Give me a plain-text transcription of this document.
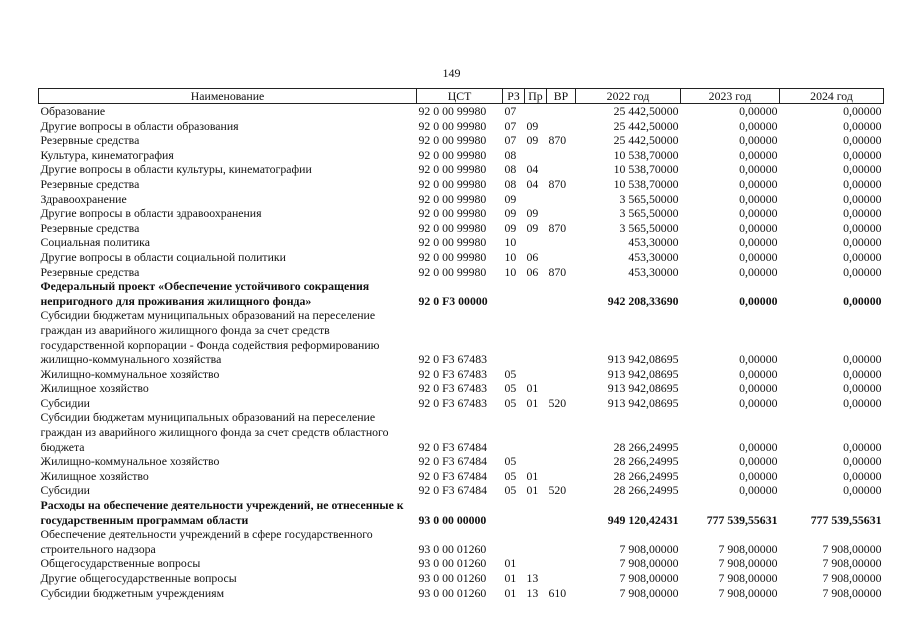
149
Наименование	ЦСТ	РЗ	Пр	ВР	2022 год	2023 год	2024 год
Образование	92 0 00 99980	07			25 442,50000	0,00000	0,00000
Другие вопросы в области образования	92 0 00 99980	07	09		25 442,50000	0,00000	0,00000
Резервные средства	92 0 00 99980	07	09	870	25 442,50000	0,00000	0,00000
Культура, кинематография	92 0 00 99980	08			10 538,70000	0,00000	0,00000
Другие вопросы в области культуры, кинематографии	92 0 00 99980	08	04		10 538,70000	0,00000	0,00000
Резервные средства	92 0 00 99980	08	04	870	10 538,70000	0,00000	0,00000
Здравоохранение	92 0 00 99980	09			3 565,50000	0,00000	0,00000
Другие вопросы в области здравоохранения	92 0 00 99980	09	09		3 565,50000	0,00000	0,00000
Резервные средства	92 0 00 99980	09	09	870	3 565,50000	0,00000	0,00000
Социальная политика	92 0 00 99980	10			453,30000	0,00000	0,00000
Другие вопросы в области социальной политики	92 0 00 99980	10	06		453,30000	0,00000	0,00000
Резервные средства	92 0 00 99980	10	06	870	453,30000	0,00000	0,00000
Федеральный проект «Обеспечение устойчивого сокращения непригодного для проживания жилищного фонда»	92 0 F3 00000				942 208,33690	0,00000	0,00000
Субсидии бюджетам муниципальных образований на переселение граждан из аварийного жилищного фонда за счет средств государственной корпорации - Фонда содействия реформированию жилищно-коммунального хозяйства	92 0 F3 67483				913 942,08695	0,00000	0,00000
Жилищно-коммунальное хозяйство	92 0 F3 67483	05			913 942,08695	0,00000	0,00000
Жилищное хозяйство	92 0 F3 67483	05	01		913 942,08695	0,00000	0,00000
Субсидии	92 0 F3 67483	05	01	520	913 942,08695	0,00000	0,00000
Субсидии бюджетам муниципальных образований на переселение граждан из аварийного жилищного фонда за счет средств областного бюджета	92 0 F3 67484				28 266,24995	0,00000	0,00000
Жилищно-коммунальное хозяйство	92 0 F3 67484	05			28 266,24995	0,00000	0,00000
Жилищное хозяйство	92 0 F3 67484	05	01		28 266,24995	0,00000	0,00000
Субсидии	92 0 F3 67484	05	01	520	28 266,24995	0,00000	0,00000
Расходы на обеспечение деятельности учреждений, не отнесенные к государственным программам области	93 0 00 00000				949 120,42431	777 539,55631	777 539,55631
Обеспечение деятельности учреждений в сфере государственного строительного надзора	93 0 00 01260				7 908,00000	7 908,00000	7 908,00000
Общегосударственные вопросы	93 0 00 01260	01			7 908,00000	7 908,00000	7 908,00000
Другие общегосударственные вопросы	93 0 00 01260	01	13		7 908,00000	7 908,00000	7 908,00000
Субсидии бюджетным учреждениям	93 0 00 01260	01	13	610	7 908,00000	7 908,00000	7 908,00000
